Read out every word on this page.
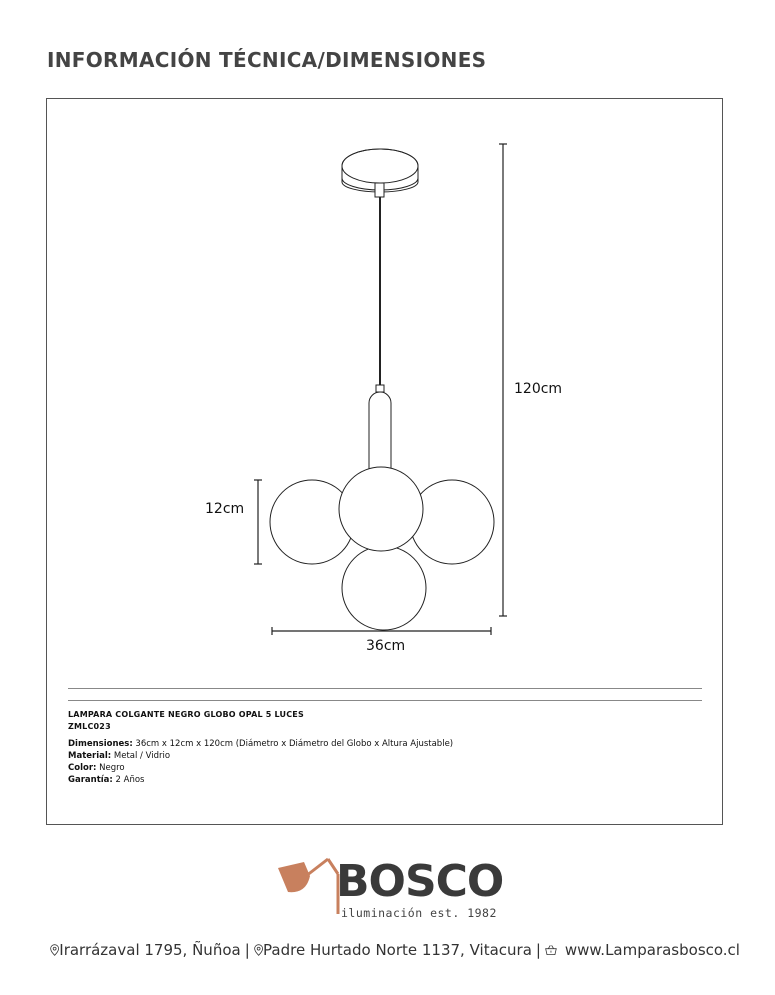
INFORMACIÓN TÉCNICA/DIMENSIONES
120cm
12cm
36cm
LAMPARA COLGANTE NEGRO GLOBO OPAL 5 LUCES
ZMLC023
Dimensiones: 36cm x 12cm x 120cm (Diámetro x Diámetro del Globo x Altura Ajustable)
Material: Metal / Vidrio
Color: Negro
Garantía: 2 Años
BOSCO
iluminación est. 1982
Irarrázaval 1795, Ñuñoa | Padre Hurtado Norte 1137, Vitacura | www.Lamparasbosco.cl
